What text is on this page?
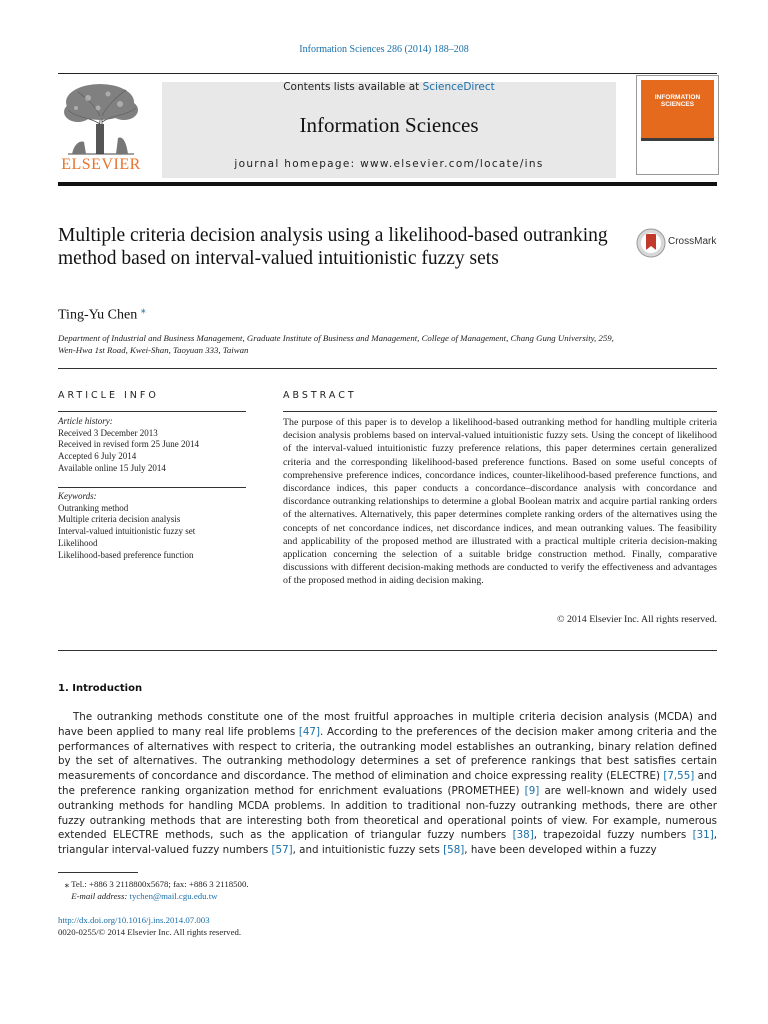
Information Sciences 286 (2014) 188–208
ELSEVIER
Contents lists available at ScienceDirect
Information Sciences
journal homepage: www.elsevier.com/locate/ins
INFORMATION
SCIENCES
Multiple criteria decision analysis using a likelihood-based outranking method based on interval-valued intuitionistic fuzzy sets
CrossMark
Ting-Yu Chen ⁎
Department of Industrial and Business Management, Graduate Institute of Business and Management, College of Management, Chang Gung University, 259,
Wen-Hwa 1st Road, Kwei-Shan, Taoyuan 333, Taiwan
ARTICLE INFO	ABSTRACT
Article history:
Received 3 December 2013
Received in revised form 25 June 2014
Accepted 6 July 2014
Available online 15 July 2014
Keywords:
Outranking method
Multiple criteria decision analysis
Interval-valued intuitionistic fuzzy set
Likelihood
Likelihood-based preference function
The purpose of this paper is to develop a likelihood-based outranking method for handling multiple criteria decision analysis problems based on interval-valued intuitionistic fuzzy sets. Using the concept of likelihood of the interval-valued intuitionistic fuzzy preference relations, this paper determines certain generalized criteria and the corresponding likelihood-based preference functions. Based on some useful concepts of comprehensive preference indices, concordance indices, counter-likelihood-based preference functions, and discordance indices, this paper conducts a concordance–discordance analysis with concordance and discordance outranking relationships to determine a global Boolean matrix and acquire partial ranking orders of the alternatives. Alternatively, this paper determines complete ranking orders of the alternatives using the concepts of net concordance indices, net discordance indices, and mean outranking values. The feasibility and applicability of the proposed method are illustrated with a practical multiple criteria decision-making application concerning the selection of a suitable bridge construction method. Finally, comparative discussions with different decision-making methods are conducted to verify the effectiveness and advantages of the proposed method in aiding decision making.
© 2014 Elsevier Inc. All rights reserved.
1. Introduction
The outranking methods constitute one of the most fruitful approaches in multiple criteria decision analysis (MCDA) and have been applied to many real life problems [47]. According to the preferences of the decision maker among criteria and the performances of alternatives with respect to criteria, the outranking model establishes an outranking, binary relation defined by the set of alternatives. The outranking methodology determines a set of preference rankings that best satisfies certain measurements of concordance and discordance. The method of elimination and choice expressing reality (ELECTRE) [7,55] and the preference ranking organization method for enrichment evaluations (PROMETHEE) [9] are well-known and widely used outranking methods for handling MCDA problems. In addition to traditional non-fuzzy outranking methods, there are other fuzzy outranking methods that are interesting both from theoretical and operational points of view. For example, numerous extended ELECTRE methods, such as the application of triangular fuzzy numbers [38], trapezoidal fuzzy numbers [31], triangular interval-valued fuzzy numbers [57], and intuitionistic fuzzy sets [58], have been developed within a fuzzy
⁎ Tel.: +886 3 2118800x5678; fax: +886 3 2118500.
E-mail address: tychen@mail.cgu.edu.tw
http://dx.doi.org/10.1016/j.ins.2014.07.003
0020-0255/© 2014 Elsevier Inc. All rights reserved.
